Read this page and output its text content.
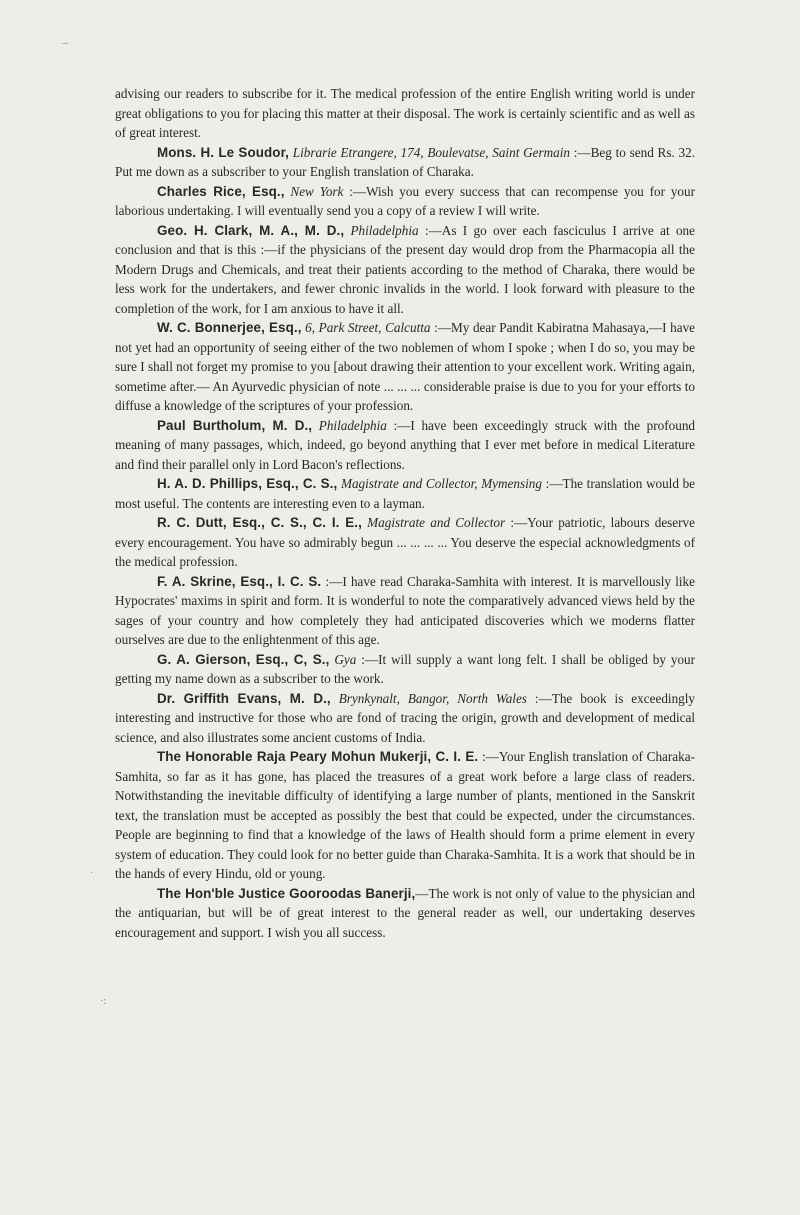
‒
·
·:

advising our readers to subscribe for it. The medical profession of the entire English writing world is under great obligations to you for placing this matter at their disposal. The work is certainly scientific and as well as of great interest.

Mons. H. Le Soudor, Librarie Etrangere, 174, Boulevatse, Saint Germain :—Beg to send Rs. 32. Put me down as a subscriber to your English translation of Charaka.

Charles Rice, Esq., New York :—Wish you every success that can recompense you for your laborious undertaking. I will eventually send you a copy of a review I will write.

Geo. H. Clark, M. A., M. D., Philadelphia :—As I go over each fasciculus I arrive at one conclusion and that is this :—if the physicians of the present day would drop from the Pharmacopia all the Modern Drugs and Chemicals, and treat their patients according to the method of Charaka, there would be less work for the undertakers, and fewer chronic invalids in the world. I look forward with pleasure to the completion of the work, for I am anxious to have it all.

W. C. Bonnerjee, Esq., 6, Park Street, Calcutta :—My dear Pandit Kabiratna Mahasaya,—I have not yet had an opportunity of seeing either of the two noblemen of whom I spoke ; when I do so, you may be sure I shall not forget my promise to you [about drawing their attention to your excellent work. Writing again, sometime after.— An Ayurvedic physician of note ... ... ... considerable praise is due to you for your efforts to diffuse a knowledge of the scriptures of your profession.

Paul Burtholum, M. D., Philadelphia :—I have been exceedingly struck with the profound meaning of many passages, which, indeed, go beyond anything that I ever met before in medical Literature and find their parallel only in Lord Bacon's reflections.

H. A. D. Phillips, Esq., C. S., Magistrate and Collector, Mymensing :—The translation would be most useful. The contents are interesting even to a layman.

R. C. Dutt, Esq., C. S., C. I. E., Magistrate and Collector :—Your patriotic, labours deserve every encouragement. You have so admirably begun ... ... ... ... You deserve the especial acknowledgments of the medical profession.

F. A. Skrine, Esq., I. C. S. :—I have read Charaka-Samhita with interest. It is marvellously like Hypocrates' maxims in spirit and form. It is wonderful to note the comparatively advanced views held by the sages of your country and how completely they had anticipated discoveries which we moderns flatter ourselves are due to the enlightenment of this age.

G. A. Gierson, Esq., C, S., Gya :—It will supply a want long felt. I shall be obliged by your getting my name down as a subscriber to the work.

Dr. Griffith Evans, M. D., Brynkynalt, Bangor, North Wales :—The book is exceedingly interesting and instructive for those who are fond of tracing the origin, growth and development of medical science, and also illustrates some ancient customs of India.

The Honorable Raja Peary Mohun Mukerji, C. I. E. :—Your English translation of Charaka-Samhita, so far as it has gone, has placed the treasures of a great work before a large class of readers. Notwithstanding the inevitable difficulty of identifying a large number of plants, mentioned in the Sanskrit text, the translation must be accepted as possibly the best that could be expected, under the circumstances. People are beginning to find that a knowledge of the laws of Health should form a prime element in every system of education. They could look for no better guide than Charaka-Samhita. It is a work that should be in the hands of every Hindu, old or young.

The Hon'ble Justice Gooroodas Banerji,—The work is not only of value to the physician and the antiquarian, but will be of great interest to the general reader as well, our undertaking deserves encouragement and support. I wish you all success.
